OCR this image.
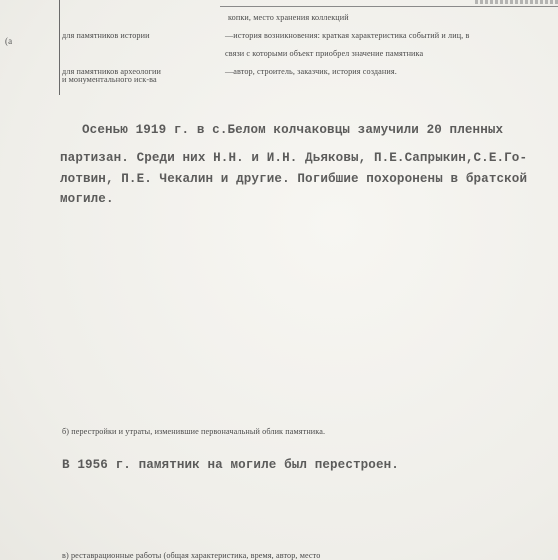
(а
копки, место хранения коллекций
для памятников истории	—история возникновения: краткая характеристика событий и лиц, в
связи с которыми объект приобрел значение памятника
для памятников археологии
и монументального иск-ва
—автор, строитель, заказчик, история создания.
Осенью 1919 г. в с.Белом колчаковцы замучили 20 пленных
партизан. Среди них Н.Н. и И.Н. Дьяковы, П.Е.Сапрыкин,С.Е.Го-
лотвин, П.Е. Чекалин и другие. Погибшие похоронены в братской
могиле.
б) перестройки и утраты, изменившие первоначальный облик памятника.
В 1956 г. памятник на могиле был перестроен.
в) реставрационные работы (общая характеристика, время, автор, место
